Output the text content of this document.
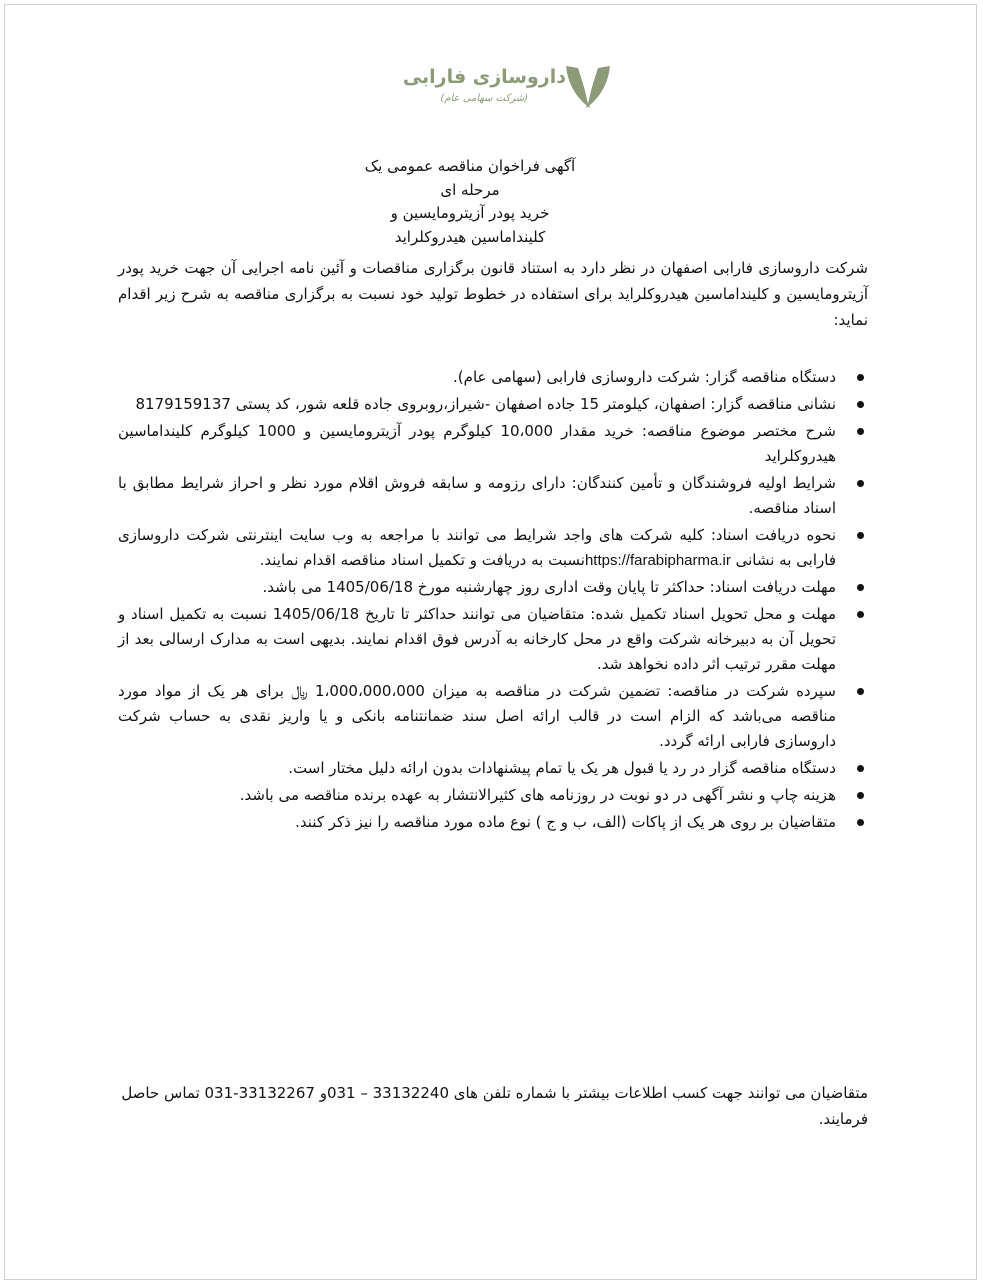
داروسازی فارابی
(شرکت سهامی عام)
آگهی فراخوان مناقصه عمومی یک
مرحله ای
خرید پودر آزیترومایسین و
کلینداماسین هیدروکلراید
شرکت داروسازی فارابی اصفهان در نظر دارد به استناد قانون برگزاری مناقصات و آئین نامه اجرایی آن جهت خرید پودر آزیترومایسین و کلینداماسین هیدروکلراید برای استفاده در خطوط تولید خود نسبت به برگزاری مناقصه به شرح زیر اقدام نماید:
دستگاه مناقصه گزار: شرکت داروسازی فارابی (سهامی عام).
نشانی مناقصه گزار: اصفهان، کیلومتر 15 جاده اصفهان -شیراز،روبروی جاده قلعه شور، کد پستی 8179159137
شرح مختصر موضوع مناقصه: خرید مقدار 10،000 کیلوگرم پودر آزیترومایسین و 1000 کیلوگرم کلینداماسین هیدروکلراید
شرایط اولیه فروشندگان و تأمین کنندگان: دارای رزومه و سابقه فروش اقلام مورد نظر و احراز شرایط مطابق با اسناد مناقصه.
نحوه دریافت اسناد: کلیه شرکت های واجد شرایط می توانند با مراجعه به وب سایت اینترنتی شرکت داروسازی فارابی به نشانی https://farabipharma.irنسبت به دریافت و تکمیل اسناد مناقصه اقدام نمایند.
مهلت دریافت اسناد: حداکثر تا پایان وقت اداری روز چهارشنبه مورخ 1405/06/18 می باشد.
مهلت و محل تحویل اسناد تکمیل شده: متقاضیان می توانند حداکثر تا تاریخ 1405/06/18 نسبت به تکمیل اسناد و تحویل آن به دبیرخانه شرکت واقع در محل کارخانه به آدرس فوق اقدام نمایند. بدیهی است به مدارک ارسالی بعد از مهلت مقرر ترتیب اثر داده نخواهد شد.
سپرده شرکت در مناقصه: تضمین شرکت در مناقصه به میزان 1،000،000،000 ﷼ برای هر یک از مواد مورد مناقصه می‌باشد که الزام است در قالب ارائه اصل سند ضمانتنامه بانکی و یا واریز نقدی به حساب شرکت داروسازی فارابی ارائه گردد.
دستگاه مناقصه گزار در رد یا قبول هر یک یا تمام پیشنهادات بدون ارائه دلیل مختار است.
هزینه چاپ و نشر آگهی در دو نوبت در روزنامه های کثیرالانتشار به عهده برنده مناقصه می باشد.
متقاضیان بر روی هر یک از پاکات (الف، ب و ج ) نوع ماده مورد مناقصه را نیز ذکر کنند.
متقاضیان می توانند جهت کسب اطلاعات بیشتر با شماره تلفن های 33132240 – 031و 33132267-031 تماس حاصل فرمایند.
